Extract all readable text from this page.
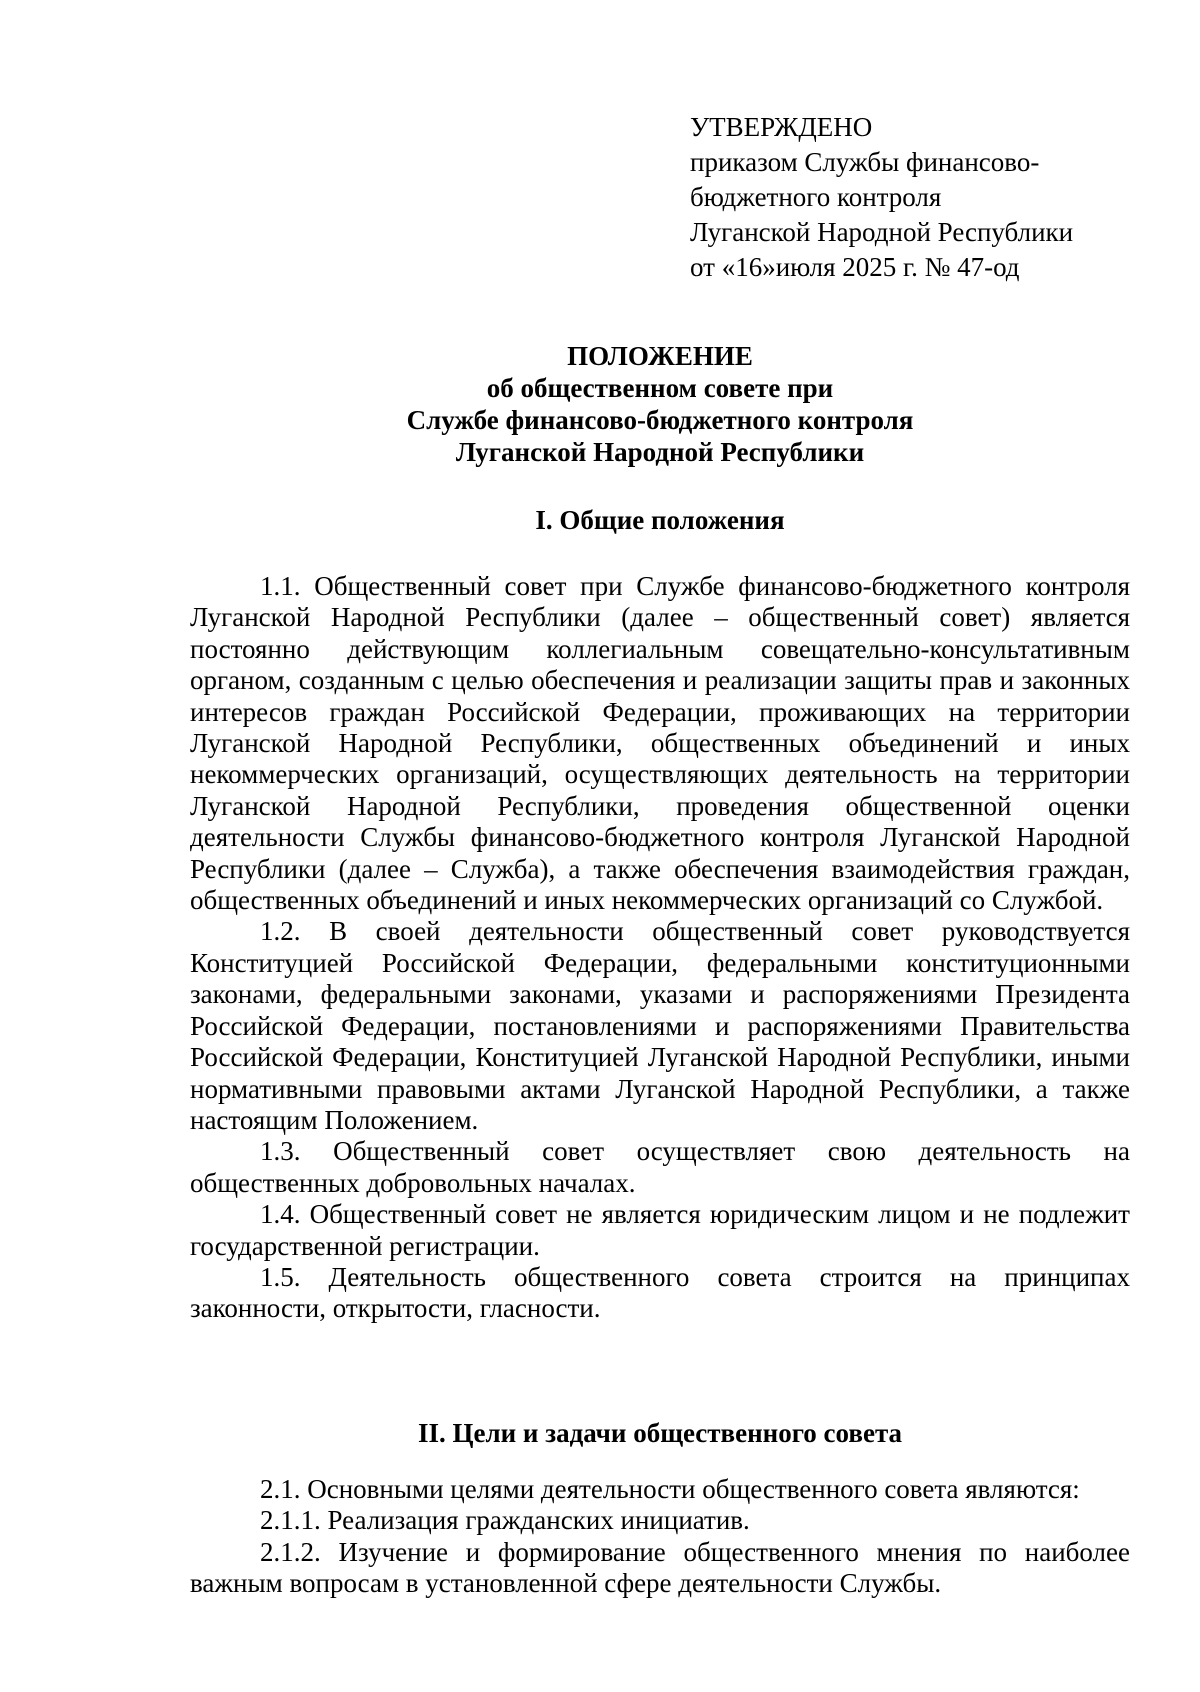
УТВЕРЖДЕНО
приказом Службы финансово-
бюджетного контроля
Луганской Народной Республики
от «16»июля 2025 г. № 47-од
ПОЛОЖЕНИЕ
об общественном совете при
Службе финансово-бюджетного контроля
Луганской Народной Республики

I. Общие положения

1.1. Общественный совет при Службе финансово-бюджетного контроля Луганской Народной Республики (далее – общественный совет) является постоянно действующим коллегиальным совещательно-консультативным органом, созданным с целью обеспечения и реализации защиты прав и законных интересов граждан Российской Федерации, проживающих на территории Луганской Народной Республики, общественных объединений и иных некоммерческих организаций, осуществляющих деятельность на территории Луганской Народной Республики, проведения общественной оценки деятельности Службы финансово-бюджетного контроля Луганской Народной Республики (далее – Служба), а также обеспечения взаимодействия граждан, общественных объединений и иных некоммерческих организаций со Службой.

1.2. В своей деятельности общественный совет руководствуется Конституцией Российской Федерации, федеральными конституционными законами, федеральными законами, указами и распоряжениями Президента Российской Федерации, постановлениями и распоряжениями Правительства Российской Федерации, Конституцией Луганской Народной Республики, иными нормативными правовыми актами Луганской Народной Республики, а также настоящим Положением.

1.3. Общественный совет осуществляет свою деятельность на общественных добровольных началах.

1.4. Общественный совет не является юридическим лицом и не подлежит государственной регистрации.

1.5. Деятельность общественного совета строится на принципах законности, открытости, гласности.

II. Цели и задачи общественного совета

2.1. Основными целями деятельности общественного совета являются:

2.1.1. Реализация гражданских инициатив.

2.1.2. Изучение и формирование общественного мнения по наиболее важным вопросам в установленной сфере деятельности Службы.
